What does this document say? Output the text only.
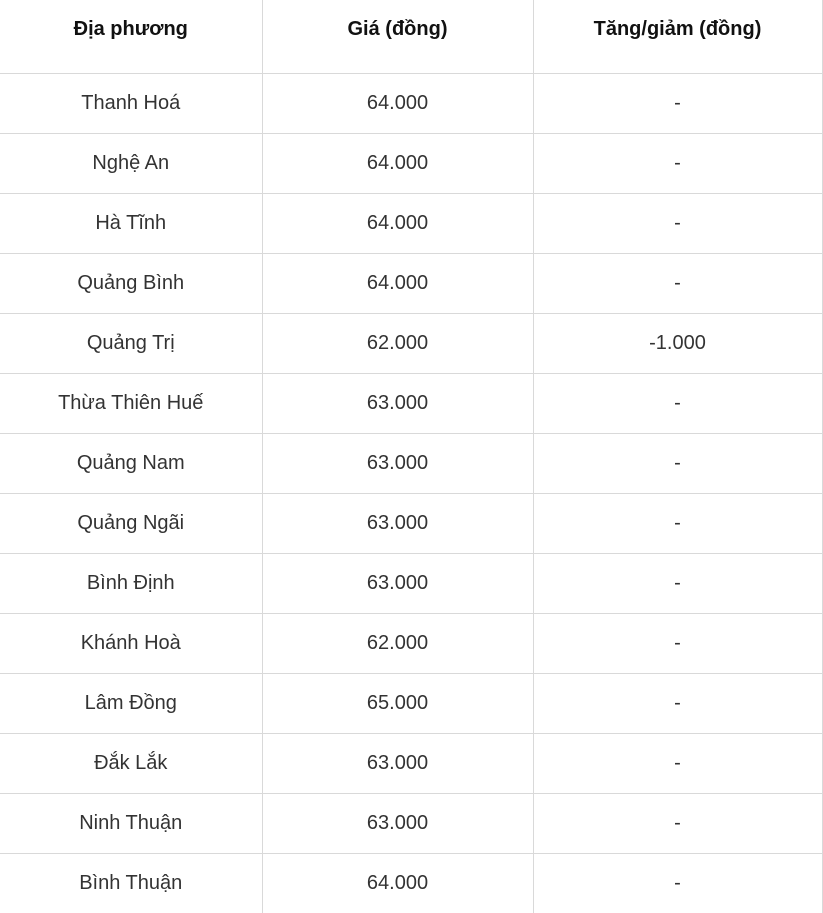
Địa phương	Giá (đồng)	Tăng/giảm (đồng)
Thanh Hoá	64.000	-
Nghệ An	64.000	-
Hà Tĩnh	64.000	-
Quảng Bình	64.000	-
Quảng Trị	62.000	-1.000
Thừa Thiên Huế	63.000	-
Quảng Nam	63.000	-
Quảng Ngãi	63.000	-
Bình Định	63.000	-
Khánh Hoà	62.000	-
Lâm Đồng	65.000	-
Đắk Lắk	63.000	-
Ninh Thuận	63.000	-
Bình Thuận	64.000	-
